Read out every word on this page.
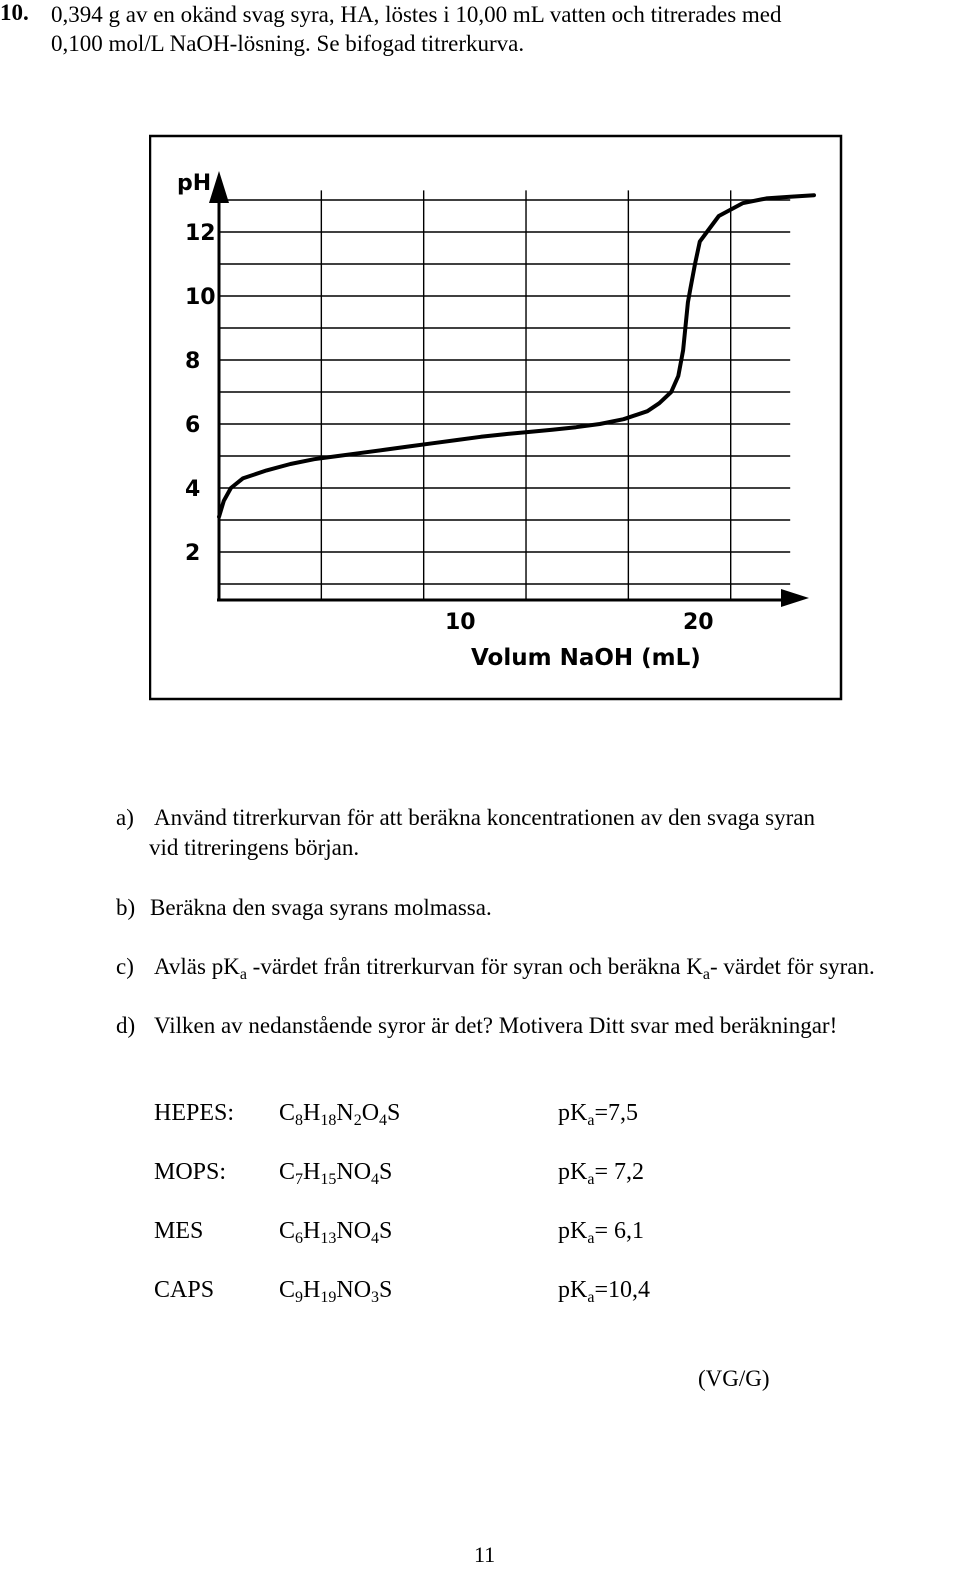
10. 0,394 g av en okänd svag syra, HA, löstes i 10,00 mL vatten och titrerades med
0,100 mol/L NaOH-lösning. Se bifogad titrerkurva.
pH
2
4
6
8
10
12
10	20
Volum NaOH (mL)
a) Använd titrerkurvan för att beräkna koncentrationen av den svaga syran
vid titreringens början.
b) Beräkna den svaga syrans molmassa.
c) Avläs $pK_a$ -värdet från titrerkurvan för syran och beräkna $K_a-$ värdet för syran.
d) Vilken av nedanstående syror är det? Motivera Ditt svar med beräkningar!
HEPES: $C_8H_{18}N_2O_4S$	$pK_a=7,5$
MOPS: $C_7H_{15}NO_4S$	$pK_a= 7,2$
MES	$C_6H_{13}NO_4S$	$pK_a= 6,1$
CAPS	$C_9H_{19}NO_3S$	$pK_a=10,4$
(VG/G)
11
